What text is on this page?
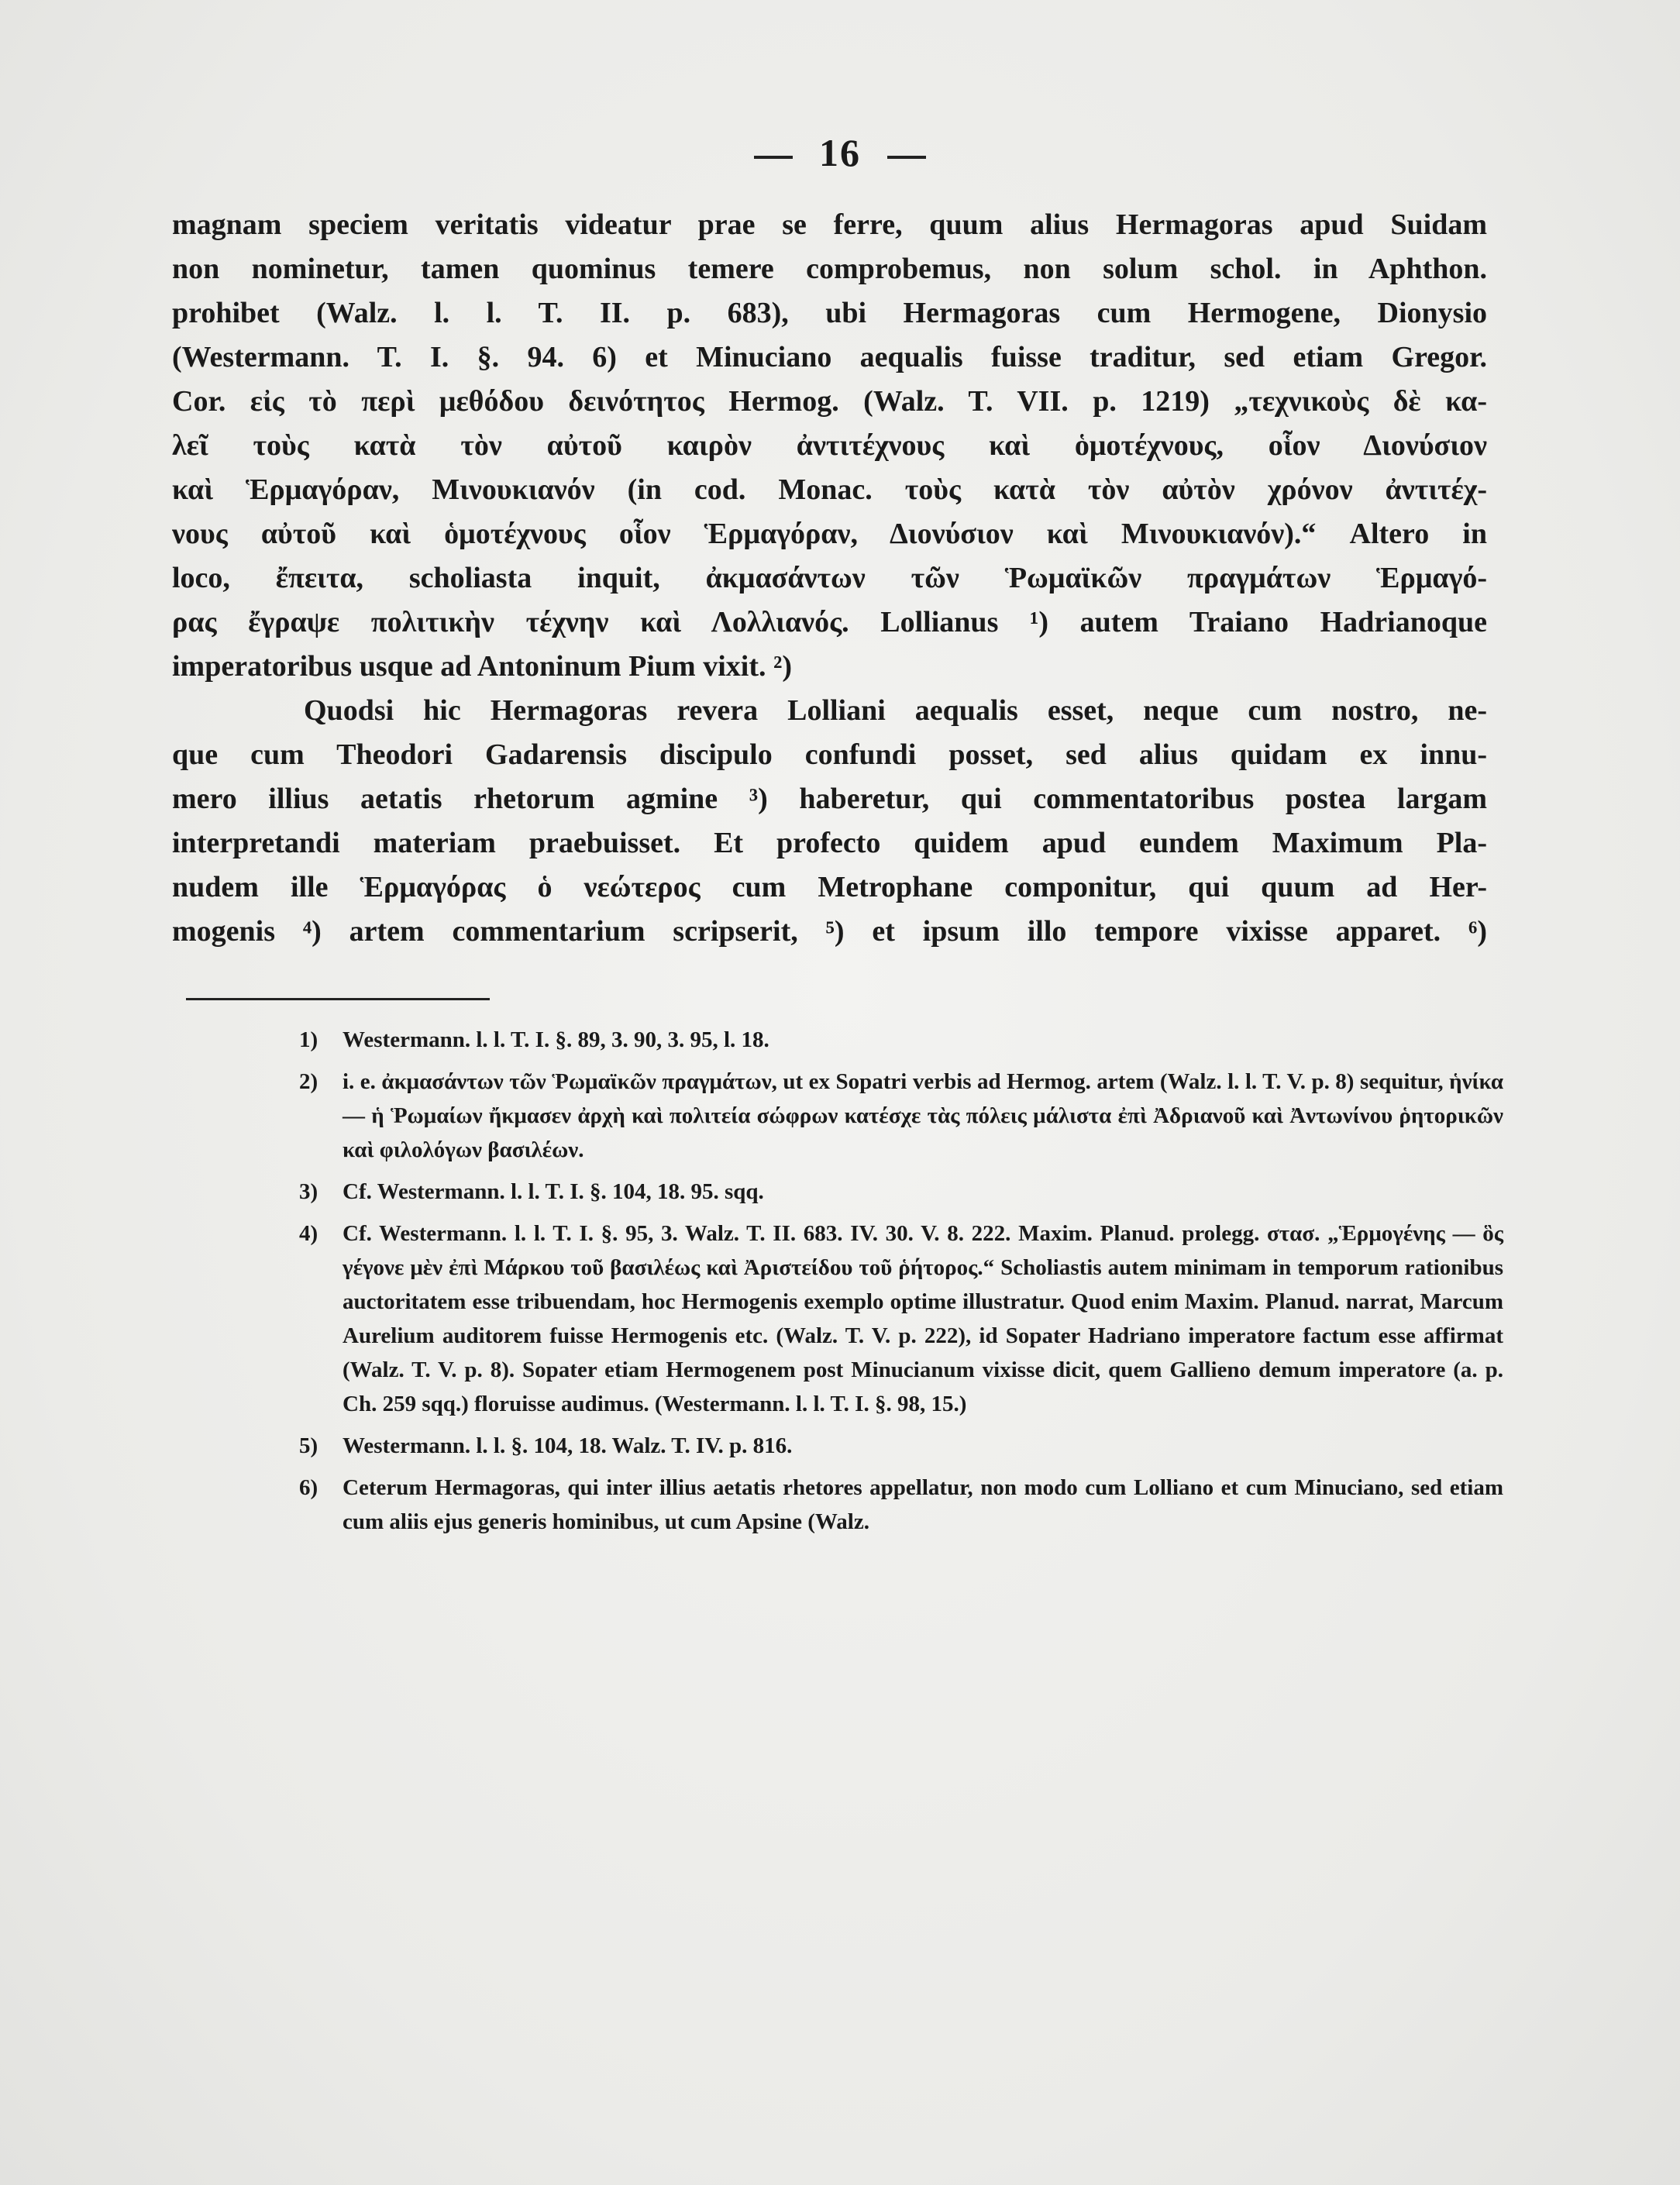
16
magnam speciem veritatis videatur prae se ferre, quum alius Hermagoras apud Suidam
non nominetur, tamen quominus temere comprobemus, non solum schol. in Aphthon.
prohibet (Walz. l. l. T. II. p. 683), ubi Hermagoras cum Hermogene, Dionysio
(Westermann. T. I. §. 94. 6) et Minuciano aequalis fuisse traditur, sed etiam Gregor.
Cor. εἰς τὸ περὶ μεθόδου δεινότητος Hermog. (Walz. T. VII. p. 1219) „τεχνικοὺς δὲ κα-
λεῖ τοὺς κατὰ τὸν αὐτοῦ καιρὸν ἀντιτέχνους καὶ ὁμοτέχνους, οἷον Διονύσιον
καὶ Ἑρμαγόραν, Μινουκιανόν (in cod. Monac. τοὺς κατὰ τὸν αὐτὸν χρόνον ἀντιτέχ-
νους αὐτοῦ καὶ ὁμοτέχνους οἷον Ἑρμαγόραν, Διονύσιον καὶ Μινουκιανόν).“ Altero in
loco, ἔπειτα, scholiasta inquit, ἀκμασάντων τῶν Ῥωμαϊκῶν πραγμάτων Ἑρμαγό-
ρας ἔγραψε πολιτικὴν τέχνην καὶ Λολλιανός. Lollianus ¹) autem Traiano Hadrianoque
imperatoribus usque ad Antoninum Pium vixit. ²)
Quodsi hic Hermagoras revera Lolliani aequalis esset, neque cum nostro, ne-
que cum Theodori Gadarensis discipulo confundi posset, sed alius quidam ex innu-
mero illius aetatis rhetorum agmine ³) haberetur, qui commentatoribus postea largam
interpretandi materiam praebuisset. Et profecto quidem apud eundem Maximum Pla-
nudem ille Ἑρμαγόρας ὁ νεώτερος cum Metrophane componitur, qui quum ad Her-
mogenis ⁴) artem commentarium scripserit, ⁵) et ipsum illo tempore vixisse apparet. ⁶)
1) Westermann. l. l. T. I. §. 89, 3. 90, 3. 95, l. 18.
2) i. e. ἀκμασάντων τῶν Ῥωμαϊκῶν πραγμάτων, ut ex Sopatri verbis ad Hermog. artem (Walz. l. l. T. V. p. 8) sequitur, ἡνίκα — ἡ Ῥωμαίων ἤκμασεν ἀρχὴ καὶ πολιτεία σώφρων κατέσχε τὰς πόλεις μάλιστα ἐπὶ Ἀδριανοῦ καὶ Ἀντωνίνου ῥητορικῶν καὶ φιλολόγων βασιλέων.
3) Cf. Westermann. l. l. T. I. §. 104, 18. 95. sqq.
4) Cf. Westermann. l. l. T. I. §. 95, 3. Walz. T. II. 683. IV. 30. V. 8. 222. Maxim. Planud. prolegg. στασ. „Ἑρμογένης — ὃς γέγονε μὲν ἐπὶ Μάρκου τοῦ βασιλέως καὶ Ἀριστείδου τοῦ ῥήτορος.“ Scholiastis autem minimam in temporum rationibus auctoritatem esse tribuendam, hoc Hermogenis exemplo optime illustratur. Quod enim Maxim. Planud. narrat, Marcum Aurelium auditorem fuisse Hermogenis etc. (Walz. T. V. p. 222), id Sopater Hadriano imperatore factum esse affirmat (Walz. T. V. p. 8). Sopater etiam Hermogenem post Minucianum vixisse dicit, quem Gallieno demum imperatore (a. p. Ch. 259 sqq.) floruisse audimus. (Westermann. l. l. T. I. §. 98, 15.)
5) Westermann. l. l. §. 104, 18. Walz. T. IV. p. 816.
6) Ceterum Hermagoras, qui inter illius aetatis rhetores appellatur, non modo cum Lolliano et cum Minuciano, sed etiam cum aliis ejus generis hominibus, ut cum Apsine (Walz.
